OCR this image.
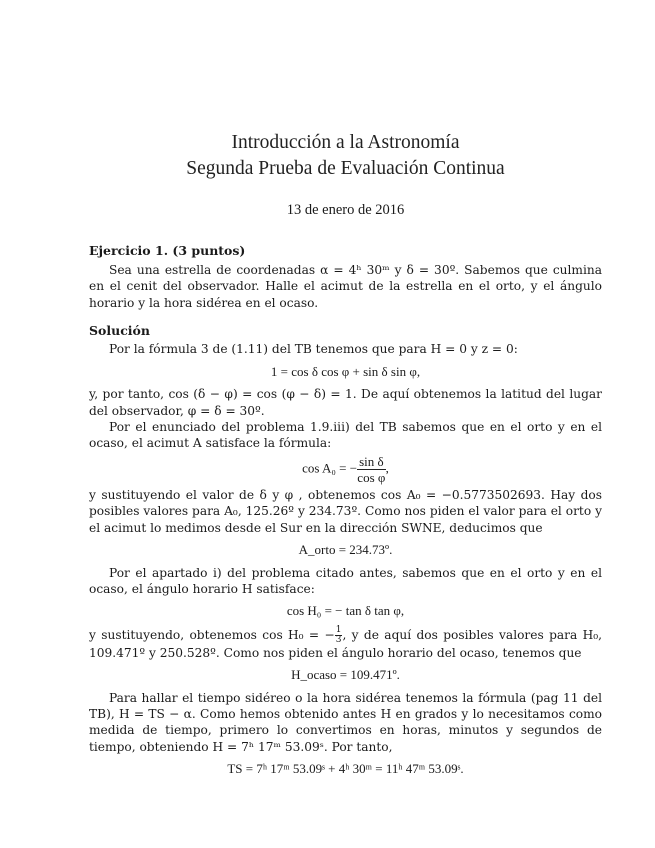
Introducción a la Astronomía
Segunda Prueba de Evaluación Continua
13 de enero de 2016
Ejercicio 1. (3 puntos)

Sea una estrella de coordenadas α = 4ʰ 30ᵐ y δ = 30º. Sabemos que culmina en el cenit del observador. Halle el acimut de la estrella en el orto, y el ángulo horario y la hora sidérea en el ocaso.

Solución

Por la fórmula 3 de (1.11) del TB tenemos que para H = 0 y z = 0:

1 = cos δ cos φ + sin δ sin φ,

y, por tanto, cos (δ − φ) = cos (φ − δ) = 1. De aquí obtenemos la latitud del lugar del observador, φ = δ = 30º.

Por el enunciado del problema 1.9.iii) del TB sabemos que en el orto y en el ocaso, el acimut A satisface la fórmula:

cos A₀ = − $\frac{\text{sin δ}}{\text{cos φ}}$ ,

y sustituyendo el valor de δ y φ , obtenemos cos A₀ = −0.5773502693. Hay dos posibles valores para A₀, 125.26º y 234.73º. Como nos piden el valor para el orto y el acimut lo medimos desde el Sur en la dirección SWNE, deducimos que

A_orto = 234.73º.

Por el apartado i) del problema citado antes, sabemos que en el orto y en el ocaso, el ángulo horario H satisface:

cos H₀ = − tan δ tan φ,

y sustituyendo, obtenemos cos H₀ = − $\frac{1}{3}$ , y de aquí dos posibles valores para H₀, 109.471º y 250.528º. Como nos piden el ángulo horario del ocaso, tenemos que

H_ocaso = 109.471º.

Para hallar el tiempo sidéreo o la hora sidérea tenemos la fórmula (pag 11 del TB), H = TS − α. Como hemos obtenido antes H en grados y lo necesitamos como medida de tiempo, primero lo convertimos en horas, minutos y segundos de tiempo, obteniendo H = 7ʰ 17ᵐ 53.09ˢ. Por tanto,

TS = 7ʰ 17ᵐ 53.09ˢ + 4ʰ 30ᵐ = 11ʰ 47ᵐ 53.09ˢ.
